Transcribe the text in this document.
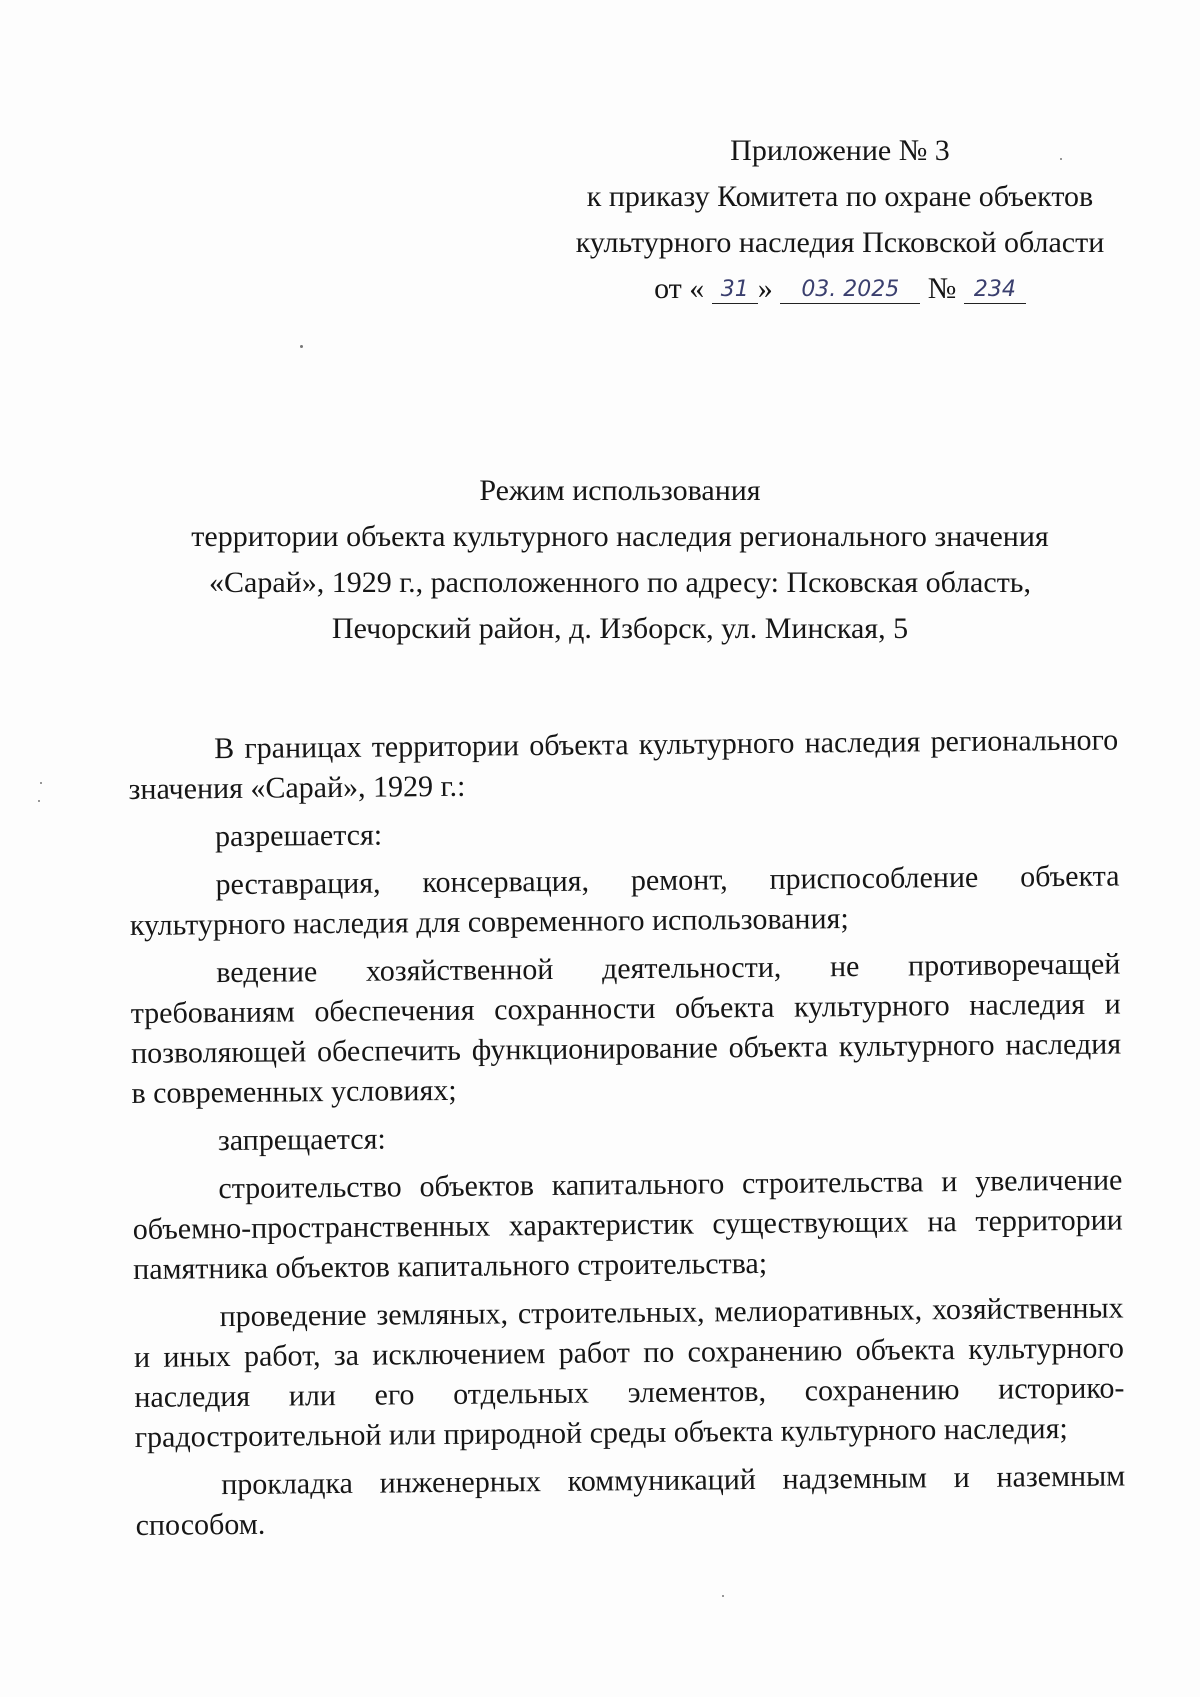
Приложение № 3
к приказу Комитета по охране объектов
культурного наследия Псковской области
от « 31 » 03. 2025 № 234
Режим использования
территории объекта культурного наследия регионального значения
«Сарай», 1929 г., расположенного по адресу: Псковская область,
Печорский район, д. Изборск, ул. Минская, 5

В границах территории объекта культурного наследия регионального значения «Сарай», 1929 г.:

разрешается:

реставрация, консервация, ремонт, приспособление объекта культурного наследия для современного использования;

ведение хозяйственной деятельности, не противоречащей требованиям обеспечения сохранности объекта культурного наследия и позволяющей обеспечить функционирование объекта культурного наследия в современных условиях;

запрещается:

строительство объектов капитального строительства и увеличение объемно-пространственных характеристик существующих на территории памятника объектов капитального строительства;

проведение земляных, строительных, мелиоративных, хозяйственных и иных работ, за исключением работ по сохранению объекта культурного наследия или его отдельных элементов, сохранению историко-градостроительной или природной среды объекта культурного наследия;

прокладка инженерных коммуникаций надземным и наземным способом.
